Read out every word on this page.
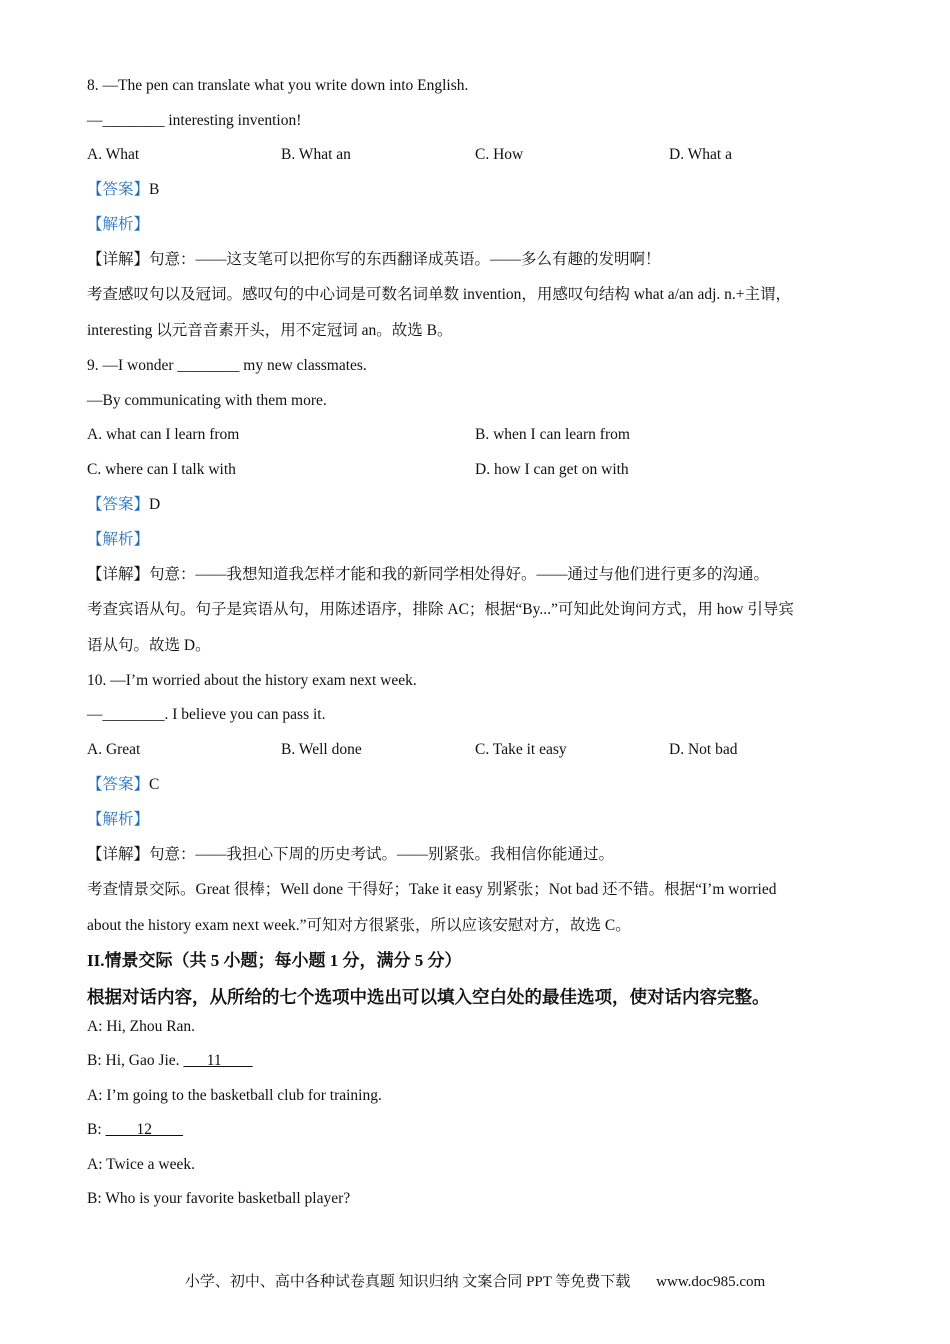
8. —The pen can translate what you write down into English.
—________ interesting invention!
A. What	B. What an	C. How	D. What a
【答案】B
【解析】
【详解】句意：——这支笔可以把你写的东西翻译成英语。——多么有趣的发明啊！
考查感叹句以及冠词。感叹句的中心词是可数名词单数 invention，用感叹句结构 what a/an adj. n.+主谓，
interesting 以元音音素开头，用不定冠词 an。故选 B。
9. —I wonder ________ my new classmates.
—By communicating with them more.
A. what can I learn from	B. when I can learn from
C. where can I talk with	D. how I can get on with
【答案】D
【解析】
【详解】句意：——我想知道我怎样才能和我的新同学相处得好。——通过与他们进行更多的沟通。
考查宾语从句。句子是宾语从句，用陈述语序，排除 AC；根据“By...”可知此处询问方式，用 how 引导宾
语从句。故选 D。
10. —I’m worried about the history exam next week.
—________. I believe you can pass it.
A. Great	B. Well done	C. Take it easy	D. Not bad
【答案】C
【解析】
【详解】句意：——我担心下周的历史考试。——别紧张。我相信你能通过。
考查情景交际。Great 很棒；Well done 干得好；Take it easy 别紧张；Not bad 还不错。根据“I’m worried
about the history exam next week.”可知对方很紧张，所以应该安慰对方，故选 C。
II.情景交际（共 5 小题；每小题 1 分，满分 5 分）
根据对话内容，从所给的七个选项中选出可以填入空白处的最佳选项，使对话内容完整。
A: Hi, Zhou Ran.
B: Hi, Gao Jie.       11
A: I’m going to the basketball club for training.
B:         12
A: Twice a week.
B: Who is your favorite basketball player?
小学、初中、高中各种试卷真题 知识归纳 文案合同 PPT 等免费下载 www.doc985.com
